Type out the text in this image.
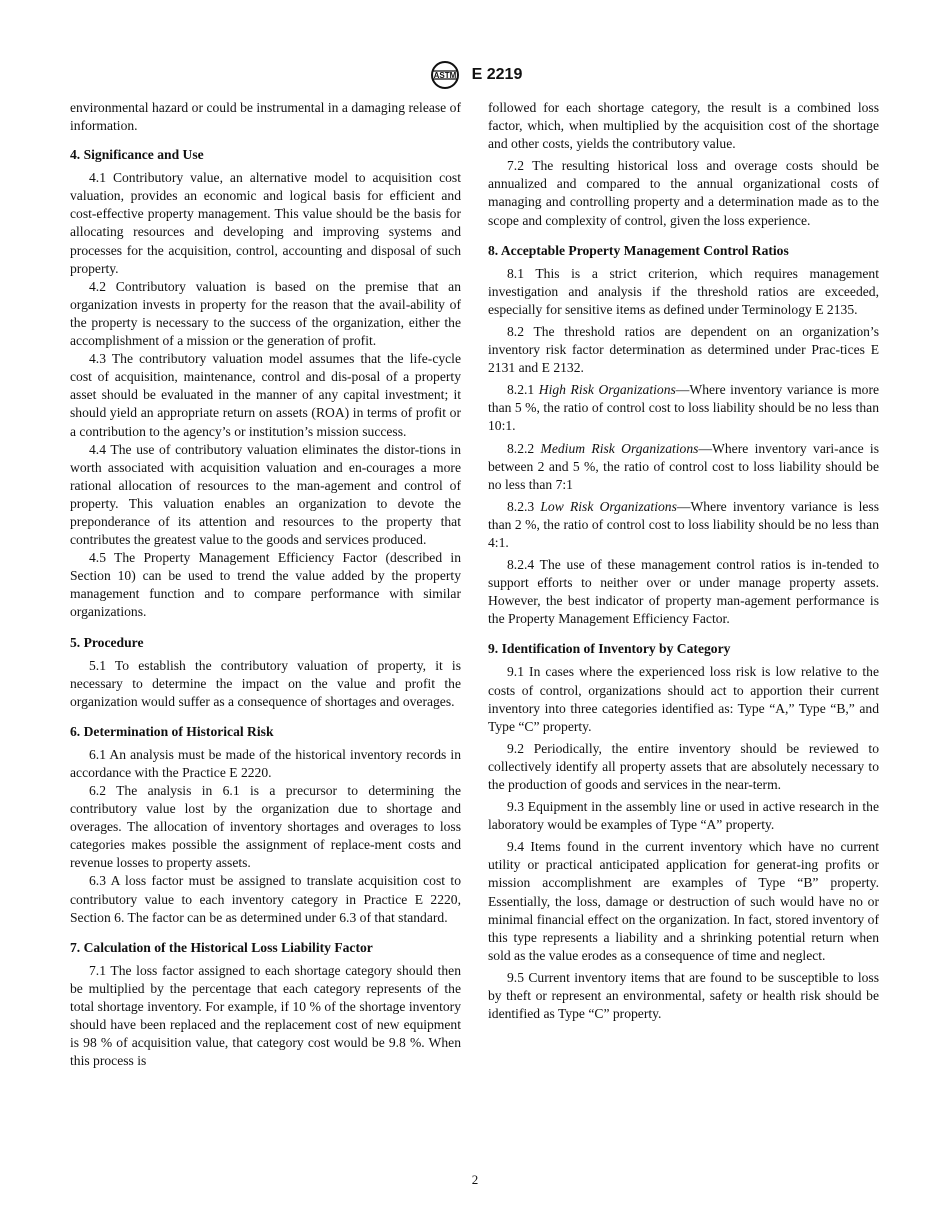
ASTM E 2219

environmental hazard or could be instrumental in a damaging release of information.

4. Significance and Use

4.1 Contributory value, an alternative model to acquisition cost valuation, provides an economic and logical basis for efficient and cost-effective property management. This value should be the basis for allocating resources and developing and improving systems and processes for the acquisition, control, accounting and disposal of such property.

4.2 Contributory valuation is based on the premise that an organization invests in property for the reason that the avail-ability of the property is necessary to the success of the organization, either the accomplishment of a mission or the generation of profit.

4.3 The contributory valuation model assumes that the life-cycle cost of acquisition, maintenance, control and dis-posal of a property asset should be evaluated in the manner of any capital investment; it should yield an appropriate return on assets (ROA) in terms of profit or a contribution to the agency’s or institution’s mission success.

4.4 The use of contributory valuation eliminates the distor-tions in worth associated with acquisition valuation and en-courages a more rational allocation of resources to the man-agement and control of property. This valuation enables an organization to devote the preponderance of its attention and resources to the property that contributes the greatest value to the goods and services produced.

4.5 The Property Management Efficiency Factor (described in Section 10) can be used to trend the value added by the property management function and to compare performance with similar organizations.

5. Procedure

5.1 To establish the contributory valuation of property, it is necessary to determine the impact on the value and profit the organization would suffer as a consequence of shortages and overages.

6. Determination of Historical Risk

6.1 An analysis must be made of the historical inventory records in accordance with the Practice E 2220.

6.2 The analysis in 6.1 is a precursor to determining the contributory value lost by the organization due to shortage and overages. The allocation of inventory shortages and overages to loss categories makes possible the assignment of replace-ment costs and revenue losses to property assets.

6.3 A loss factor must be assigned to translate acquisition cost to contributory value to each inventory category in Practice E 2220, Section 6. The factor can be as determined under 6.3 of that standard.

7. Calculation of the Historical Loss Liability Factor

7.1 The loss factor assigned to each shortage category should then be multiplied by the percentage that each category represents of the total shortage inventory. For example, if 10 % of the shortage inventory should have been replaced and the replacement cost of new equipment is 98 % of acquisition value, that category cost would be 9.8 %. When this process is

followed for each shortage category, the result is a combined loss factor, which, when multiplied by the acquisition cost of the shortage and other costs, yields the contributory value.

7.2 The resulting historical loss and overage costs should be annualized and compared to the annual organizational costs of managing and controlling property and a determination made as to the scope and complexity of control, given the loss experience.

8. Acceptable Property Management Control Ratios

8.1 This is a strict criterion, which requires management investigation and analysis if the threshold ratios are exceeded, especially for sensitive items as defined under Terminology E 2135.

8.2 The threshold ratios are dependent on an organization’s inventory risk factor determination as determined under Prac-tices E 2131 and E 2132.

8.2.1 High Risk Organizations—Where inventory variance is more than 5 %, the ratio of control cost to loss liability should be no less than 10:1.

8.2.2 Medium Risk Organizations—Where inventory vari-ance is between 2 and 5 %, the ratio of control cost to loss liability should be no less than 7:1

8.2.3 Low Risk Organizations—Where inventory variance is less than 2 %, the ratio of control cost to loss liability should be no less than 4:1.

8.2.4 The use of these management control ratios is in-tended to support efforts to neither over or under manage property assets. However, the best indicator of property man-agement performance is the Property Management Efficiency Factor.

9. Identification of Inventory by Category

9.1 In cases where the experienced loss risk is low relative to the costs of control, organizations should act to apportion their current inventory into three categories identified as: Type “A,” Type “B,” and Type “C” property.

9.2 Periodically, the entire inventory should be reviewed to collectively identify all property assets that are absolutely necessary to the production of goods and services in the near-term.

9.3 Equipment in the assembly line or used in active research in the laboratory would be examples of Type “A” property.

9.4 Items found in the current inventory which have no current utility or practical anticipated application for generat-ing profits or mission accomplishment are examples of Type “B” property. Essentially, the loss, damage or destruction of such would have no or minimal financial effect on the organization. In fact, stored inventory of this type represents a liability and a shrinking potential return when sold as the value erodes as a consequence of time and neglect.

9.5 Current inventory items that are found to be susceptible to loss by theft or represent an environmental, safety or health risk should be identified as Type “C” property.

2
